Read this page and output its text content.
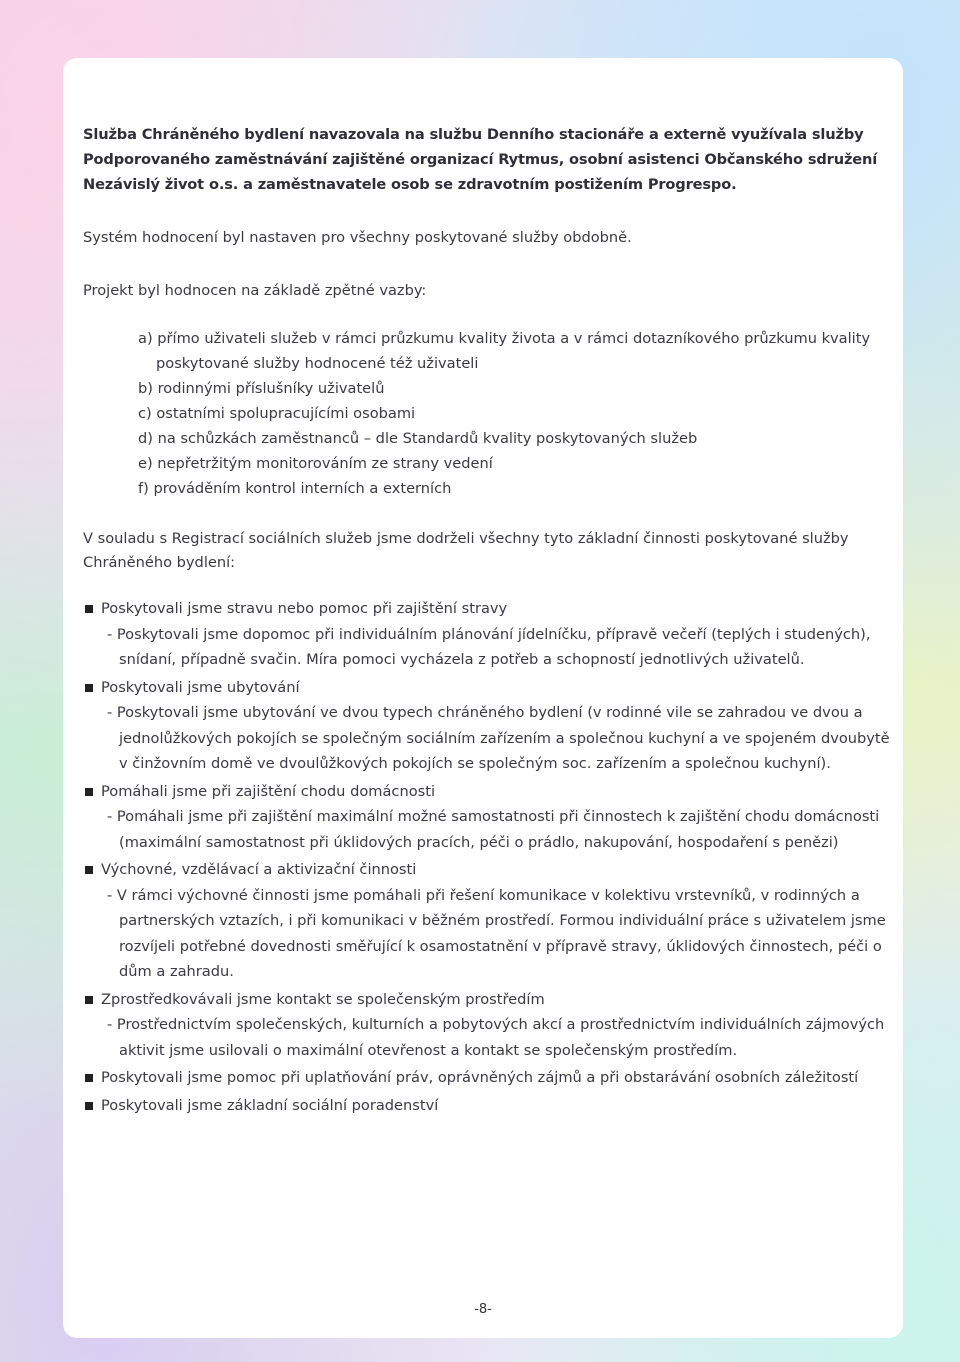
Služba Chráněného bydlení navazovala na službu Denního stacionáře a externě využívala služby

Podporovaného zaměstnávání zajištěné organizací Rytmus, osobní asistenci Občanského sdružení

Nezávislý život o.s. a zaměstnavatele osob se zdravotním postižením Progrespo.

Systém hodnocení byl nastaven pro všechny poskytované služby obdobně.

Projekt byl hodnocen na základě zpětné vazby:

a) přímo uživateli služeb v rámci průzkumu kvality života a v rámci dotazníkového průzkumu kvality poskytované služby hodnocené též uživateli
b) rodinnými příslušníky uživatelů
c) ostatními spolupracujícími osobami
d) na schůzkách zaměstnanců – dle Standardů kvality poskytovaných služeb
e) nepřetržitým monitorováním ze strany vedení
f) prováděním kontrol interních a externích

V souladu s Registrací sociálních služeb jsme dodrželi všechny tyto základní činnosti poskytované služby Chráněného bydlení:

Poskytovali jsme stravu nebo pomoc při zajištění stravy
- Poskytovali jsme dopomoc při individuálním plánování jídelníčku, přípravě večeří (teplých i studených), snídaní, případně svačin. Míra pomoci vycházela z potřeb a schopností jednotlivých uživatelů.
Poskytovali jsme ubytování
- Poskytovali jsme ubytování ve dvou typech chráněného bydlení (v rodinné vile se zahradou ve dvou a jednolůžkových pokojích se společným sociálním zařízením a společnou kuchyní a ve spojeném dvoubytě v činžovním domě ve dvoulůžkových pokojích se společným soc. zařízením a společnou kuchyní).
Pomáhali jsme při zajištění chodu domácnosti
- Pomáhali jsme při zajištění maximální možné samostatnosti při činnostech k zajištění chodu domácnosti (maximální samostatnost při úklidových pracích, péči o prádlo, nakupování, hospodaření s penězi)
Výchovné, vzdělávací a aktivizační činnosti
- V rámci výchovné činnosti jsme pomáhali při řešení komunikace v kolektivu vrstevníků, v rodinných a partnerských vztazích, i při komunikaci v běžném prostředí. Formou individuální práce s uživatelem jsme rozvíjeli potřebné dovednosti směřující k osamostatnění v přípravě stravy, úklidových činnostech, péči o dům a zahradu.
Zprostředkovávali jsme kontakt se společenským prostředím
- Prostřednictvím společenských, kulturních a pobytových akcí a prostřednictvím individuálních zájmových aktivit jsme usilovali o maximální otevřenost a kontakt se společenským prostředím.
Poskytovali jsme pomoc při uplatňování práv, oprávněných zájmů a při obstarávání osobních záležitostí
Poskytovali jsme základní sociální poradenství
-8-
